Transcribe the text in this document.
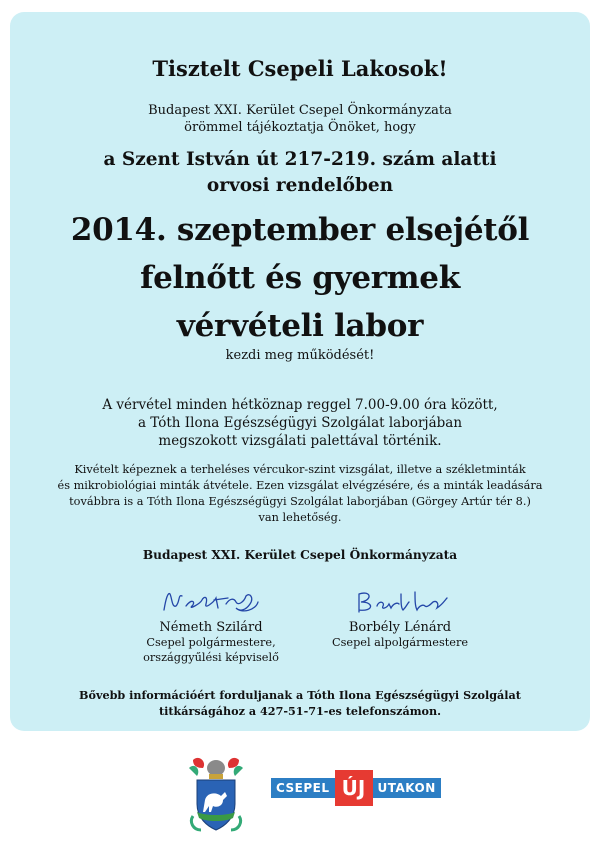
Tisztelt Csepeli Lakosok!
Budapest XXI. Kerület Csepel Önkormányzata
örömmel tájékoztatja Önöket, hogy
a Szent István út 217-219. szám alatti
orvosi rendelőben
2014. szeptember elsejétől
felnőtt és gyermek
vérvételi labor
kezdi meg működését!
A vérvétel minden hétköznap reggel 7.00-9.00 óra között,
a Tóth Ilona Egészségügyi Szolgálat laborjában
megszokott vizsgálati palettával történik.
Kivételt képeznek a terheléses vércukor-szint vizsgálat, illetve a székletminták
és mikrobiológiai minták átvétele. Ezen vizsgálat elvégzésére, és a minták leadására
továbbra is a Tóth Ilona Egészségügyi Szolgálat laborjában (Görgey Artúr tér 8.)
van lehetőség.
Budapest XXI. Kerület Csepel Önkormányzata
Németh Szilárd
Csepel polgármestere,
országgyűlési képviselő
Borbély Lénárd
Csepel alpolgármestere
Bővebb információért forduljanak a Tóth Ilona Egészségügyi Szolgálat
titkárságához a 427-51-71-es telefonszámon.
CSEPEL ÚJ	UTAKON
